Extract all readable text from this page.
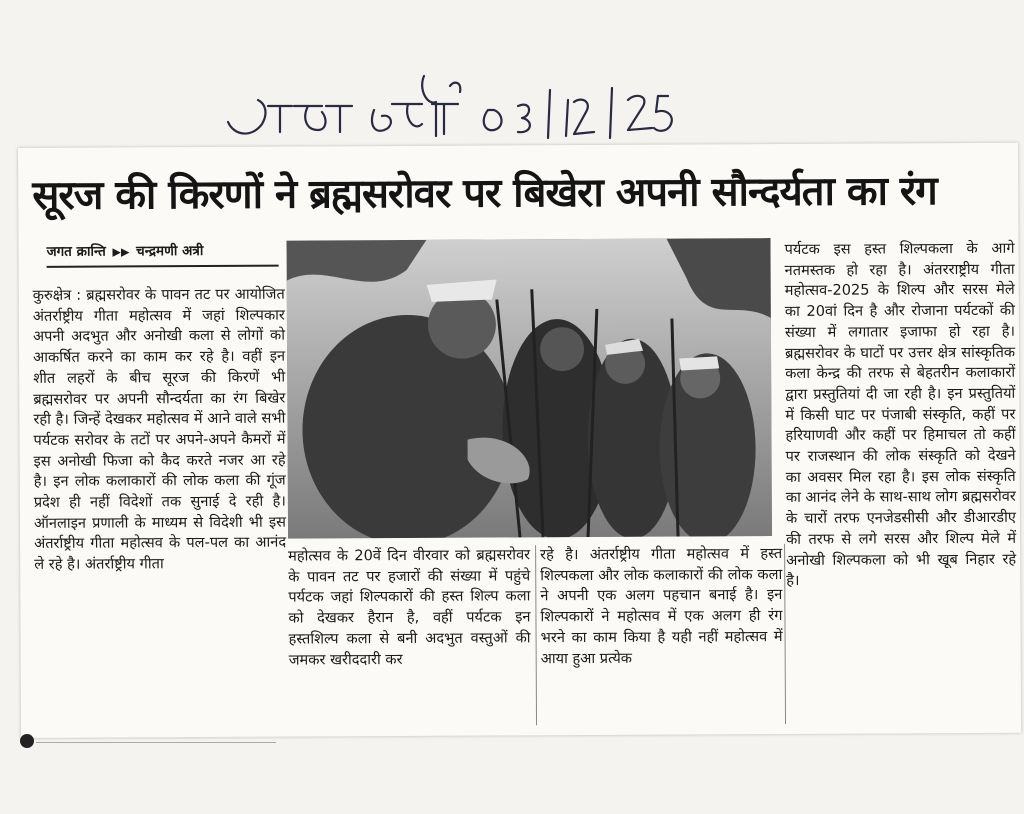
सूरज की किरणों ने ब्रह्मसरोवर पर बिखेरा अपनी सौन्दर्यता का रंग
जगत क्रान्ति ▶▶ चन्द्रमणी अत्री
कुरुक्षेत्र : ब्रह्मसरोवर के पावन तट पर आयोजित अंतर्राष्ट्रीय गीता महोत्सव में जहां शिल्पकार अपनी अदभुत और अनोखी कला से लोगों को आकर्षित करने का काम कर रहे है। वहीं इन शीत लहरों के बीच सूरज की किरणें भी ब्रह्मसरोवर पर अपनी सौन्दर्यता का रंग बिखेर रही है। जिन्हें देखकर महोत्सव में आने वाले सभी पर्यटक सरोवर के तटों पर अपने-अपने कैमरों में इस अनोखी फिजा को कैद करते नजर आ रहे है। इन लोक कलाकारों की लोक कला की गूंज प्रदेश ही नहीं विदेशों तक सुनाई दे रही है। ऑनलाइन प्रणाली के माध्यम से विदेशी भी इस अंतर्राष्ट्रीय गीता महोत्सव के पल-पल का आनंद ले रहे है। अंतर्राष्ट्रीय गीता	महोत्सव के 20वें दिन वीरवार को ब्रह्मसरोवर के पावन तट पर हजारों की संख्या में पहुंचे पर्यटक जहां शिल्पकारों की हस्त शिल्प कला को देखकर हैरान है, वहीं पर्यटक इन हस्तशिल्प कला से बनी अदभुत वस्तुओं की जमकर खरीददारी कर
रहे है। अंतर्राष्ट्रीय गीता महोत्सव में हस्त शिल्पकला और लोक कलाकारों की लोक कला ने अपनी एक अलग पहचान बनाई है। इन शिल्पकारों ने महोत्सव में एक अलग ही रंग भरने का काम किया है यही नहीं महोत्सव में आया हुआ प्रत्येक
पर्यटक इस हस्त शिल्पकला के आगे नतमस्तक हो रहा है। अंतरराष्ट्रीय गीता महोत्सव-2025 के शिल्प और सरस मेले का 20वां दिन है और रोजाना पर्यटकों की संख्या में लगातार इजाफा हो रहा है। ब्रह्मसरोवर के घाटों पर उत्तर क्षेत्र सांस्कृतिक कला केन्द्र की तरफ से बेहतरीन कलाकारों द्वारा प्रस्तुतियां दी जा रही है। इन प्रस्तुतियों में किसी घाट पर पंजाबी संस्कृति, कहीं पर हरियाणवी और कहीं पर हिमाचल तो कहीं पर राजस्थान की लोक संस्कृति को देखने का अवसर मिल रहा है। इस लोक संस्कृति का आनंद लेने के साथ-साथ लोग ब्रह्मसरोवर के चारों तरफ एनजेडसीसी और डीआरडीए की तरफ से लगे सरस और शिल्प मेले में अनोखी शिल्पकला को भी खूब निहार रहे है।
